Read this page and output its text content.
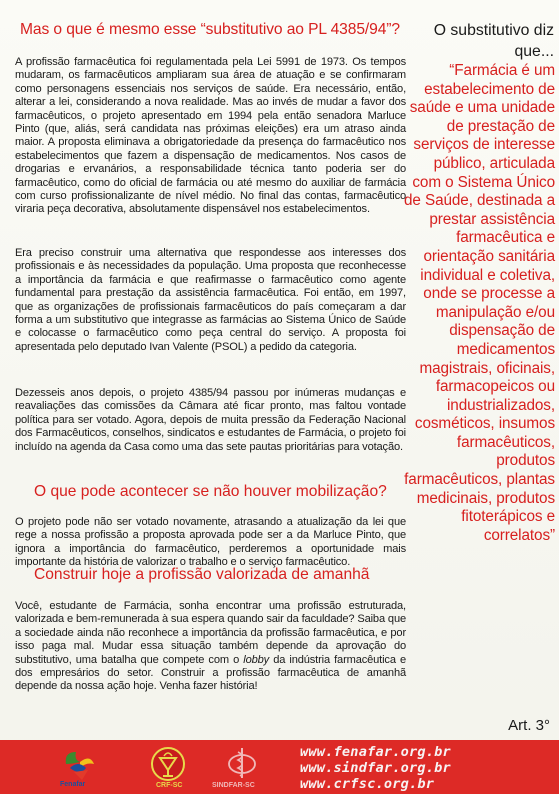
Mas o que é mesmo esse “substitutivo ao PL 4385/94”?
A profissão farmacêutica foi regulamentada pela Lei 5991 de 1973. Os tempos mudaram, os farmacêuticos ampliaram sua área de atuação e se confirmaram como personagens essenciais nos serviços de saúde. Era necessário, então, alterar a lei, considerando a nova realidade. Mas ao invés de mudar a favor dos farmacêuticos, o projeto apresentado em 1994 pela então senadora Marluce Pinto (que, aliás, será candidata nas próximas eleições) era um atraso ainda maior. A proposta eliminava a obrigatoriedade da presença do farmacêutico nos estabelecimentos que fazem a dispensação de medicamentos. Nos casos de drogarias e ervanários, a responsabilidade técnica tanto poderia ser do farmacêutico, como do oficial de farmácia ou até mesmo do auxiliar de farmácia com curso profissionalizante de nível médio. No final das contas, farmacêutico viraria peça decorativa, absolutamente dispensável nos estabelecimentos.
Era preciso construir uma alternativa que respondesse aos interesses dos profissionais e às necessidades da população. Uma proposta que reconhecesse a importância da farmácia e que reafirmasse o farmacêutico como agente fundamental para prestação da assistência farmacêutica. Foi então, em 1997, que as organizações de profissionais farmacêuticos do país começaram a dar forma a um substitutivo que integrasse as farmácias ao Sistema Único de Saúde e colocasse o farmacêutico como peça central do serviço. A proposta foi apresentada pelo deputado Ivan Valente (PSOL) a pedido da categoria.
Dezesseis anos depois, o projeto 4385/94 passou por inúmeras mudanças e reavaliações das comissões da Câmara até ficar pronto, mas faltou vontade política para ser votado. Agora, depois de muita pressão da Federação Nacional dos Farmacêuticos, conselhos, sindicatos e estudantes de Farmácia, o projeto foi incluído na agenda da Casa como uma das sete pautas prioritárias para votação.
O que pode acontecer se não houver mobilização?
O projeto pode não ser votado novamente, atrasando a atualização da lei que rege a nossa profissão a proposta aprovada pode ser a da Marluce Pinto, que ignora a importância do farmacêutico, perderemos a oportunidade mais importante da história de valorizar o trabalho e o serviço farmacêutico.
Construir hoje a profissão valorizada de amanhã
Você, estudante de Farmácia, sonha encontrar uma profissão estruturada, valorizada e bem-remunerada à sua espera quando sair da faculdade? Saiba que a sociedade ainda não reconhece a importância da profissão farmacêutica, e por isso paga mal. Mudar essa situação também depende da aprovação do substitutivo, uma batalha que compete com o lobby da indústria farmacêutica e dos empresários do setor. Construir a profissão farmacêutica de amanhã depende da nossa ação hoje. Venha fazer história!
O substitutivo diz que...
“Farmácia é um estabelecimento de saúde e uma unidade de prestação de serviços de interesse público, articulada com o Sistema Único de Saúde, destinada a prestar assistência farmacêutica e orientação sanitária individual e coletiva, onde se processe a manipulação e/ou dispensação de medicamentos magistrais, oficinais, farmacopeicos ou industrializados, cosméticos, insumos farmacêuticos, produtos farmacêuticos, plantas medicinais, produtos fitoterápicos e correlatos”
Art. 3°
Fenafar	CRF-SC	SINDFAR-SC
www.fenafar.org.br
www.sindfar.org.br
www.crfsc.org.br
